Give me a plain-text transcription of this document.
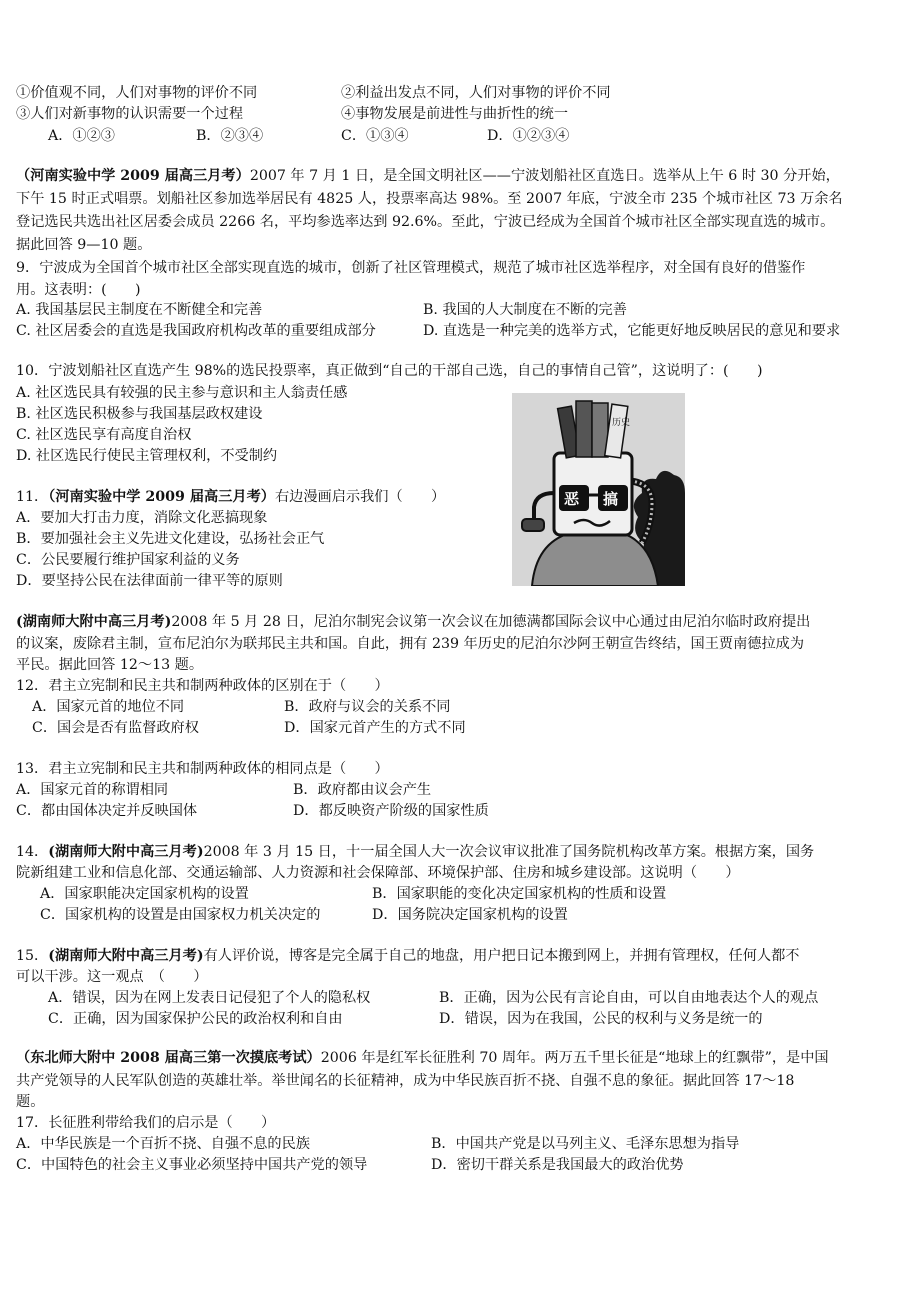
①价值观不同，人们对事物的评价不同	②利益出发点不同，人们对事物的评价不同
③人们对新事物的认识需要一个过程	④事物发展是前进性与曲折性的统一
A．①②③	B．②③④	C．①③④	D．①②③④
（河南实验中学 2009 届高三月考）2007 年 7 月 1 日，是全国文明社区——宁波划船社区直选日。选举从上午 6 时 30 分开始，
下午 15 时正式唱票。划船社区参加选举居民有 4825 人，投票率高达 98%。至 2007 年底，宁波全市 235 个城市社区 73 万余名
登记选民共选出社区居委会成员 2266 名，平均参选率达到 92.6%。至此，宁波已经成为全国首个城市社区全部实现直选的城市。
据此回答 9—10 题。
9．宁波成为全国首个城市社区全部实现直选的城市，创新了社区管理模式，规范了城市社区选举程序，对全国有良好的借鉴作
用。这表明：(　　)
A. 我国基层民主制度在不断健全和完善	B. 我国的人大制度在不断的完善
C. 社区居委会的直选是我国政府机构改革的重要组成部分	D. 直选是一种完美的选举方式，它能更好地反映居民的意见和要求
10．宁波划船社区直选产生 98%的选民投票率，真正做到“自己的干部自己选，自己的事情自己管”，这说明了：(　　)
A. 社区选民具有较强的民主参与意识和主人翁责任感
B. 社区选民积极参与我国基层政权建设
C. 社区选民享有高度自治权
D. 社区选民行使民主管理权利，不受制约
11．（河南实验中学 2009 届高三月考）右边漫画启示我们（　　）
A．要加大打击力度，消除文化恶搞现象
B．要加强社会主义先进文化建设，弘扬社会正气
C．公民要履行维护国家利益的义务
D．要坚持公民在法律面前一律平等的原则
历史
恶 搞
(湖南师大附中高三月考)2008 年 5 月 28 日，尼泊尔制宪会议第一次会议在加德满都国际会议中心通过由尼泊尔临时政府提出
的议案，废除君主制，宣布尼泊尔为联邦民主共和国。自此，拥有 239 年历史的尼泊尔沙阿王朝宣告终结，国王贾南德拉成为
平民。据此回答 12～13 题。
12．君主立宪制和民主共和制两种政体的区别在于（　　）
A．国家元首的地位不同	B．政府与议会的关系不同
C．国会是否有监督政府权	D．国家元首产生的方式不同
13．君主立宪制和民主共和制两种政体的相同点是（　　）
A．国家元首的称谓相同	B．政府都由议会产生
C．都由国体决定并反映国体	D．都反映资产阶级的国家性质
14．(湖南师大附中高三月考)2008 年 3 月 15 日，十一届全国人大一次会议审议批准了国务院机构改革方案。根据方案，国务
院新组建工业和信息化部、交通运输部、人力资源和社会保障部、环境保护部、住房和城乡建设部。这说明（　　）
A．国家职能决定国家机构的设置	B．国家职能的变化决定国家机构的性质和设置
C．国家机构的设置是由国家权力机关决定的	D．国务院决定国家机构的设置
15．(湖南师大附中高三月考)有人评价说，博客是完全属于自己的地盘，用户把日记本搬到网上，并拥有管理权，任何人都不
可以干涉。这一观点　（　　）
A．错误，因为在网上发表日记侵犯了个人的隐私权	B．正确，因为公民有言论自由，可以自由地表达个人的观点
C．正确，因为国家保护公民的政治权利和自由	D．错误，因为在我国，公民的权利与义务是统一的
（东北师大附中 2008 届高三第一次摸底考试）2006 年是红军长征胜利 70 周年。两万五千里长征是“地球上的红飘带”，是中国
共产党领导的人民军队创造的英雄壮举。举世闻名的长征精神，成为中华民族百折不挠、自强不息的象征。据此回答 17～18
题。
17．长征胜利带给我们的启示是（　　）
A．中华民族是一个百折不挠、自强不息的民族	B．中国共产党是以马列主义、毛泽东思想为指导
C．中国特色的社会主义事业必须坚持中国共产党的领导	D．密切干群关系是我国最大的政治优势
